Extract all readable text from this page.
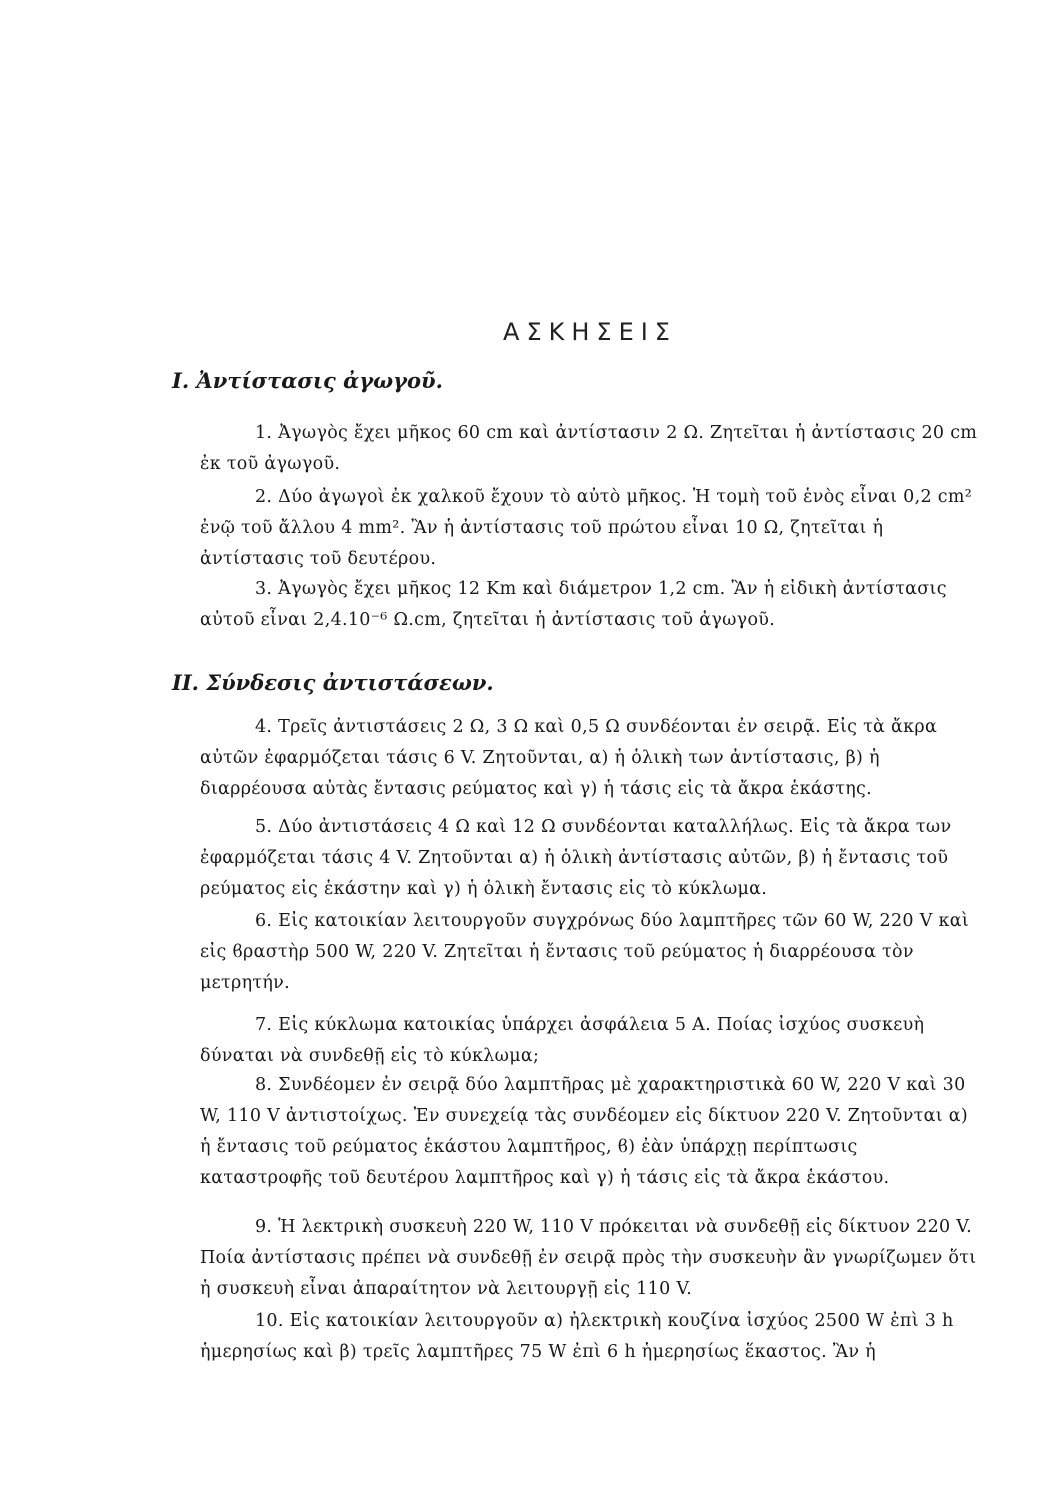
ΑΣΚΗΣΕΙΣ
Ι. Ἀντίστασις ἀγωγοῦ.

1. Ἀγωγὸς ἔχει μῆκος 60 cm καὶ ἀντίστασιν 2 Ω. Ζητεῖται ἡ ἀντίστασις 20 cm ἐκ τοῦ ἀγωγοῦ.

2. Δύο ἀγωγοὶ ἐκ χαλκοῦ ἔχουν τὸ αὐτὸ μῆκος. Ἡ τομὴ τοῦ ἑνὸς εἶναι 0,2 cm² ἐνῷ τοῦ ἄλλου 4 mm². Ἂν ἡ ἀντίστασις τοῦ πρώτου εἶναι 10 Ω, ζητεῖται ἡ ἀντίστασις τοῦ δευτέρου.

3. Ἀγωγὸς ἔχει μῆκος 12 Km καὶ διάμετρον 1,2 cm. Ἂν ἡ εἰδικὴ ἀντίστασις αὐτοῦ εἶναι 2,4.10⁻⁶ Ω.cm, ζητεῖται ἡ ἀντίστασις τοῦ ἀγωγοῦ.

ΙΙ. Σύνδεσις ἀντιστάσεων.

4. Τρεῖς ἀντιστάσεις 2 Ω, 3 Ω καὶ 0,5 Ω συνδέονται ἐν σειρᾷ. Εἰς τὰ ἄκρα αὐτῶν ἐφαρμόζεται τάσις 6 V. Ζητοῦνται, α) ἡ ὁλικὴ των ἀντίστασις, β) ἡ διαρρέουσα αὐτὰς ἔντασις ρεύματος καὶ γ) ἡ τάσις εἰς τὰ ἄκρα ἑκάστης.

5. Δύο ἀντιστάσεις 4 Ω καὶ 12 Ω συνδέονται καταλλήλως. Εἰς τὰ ἄκρα των ἐφαρμόζεται τάσις 4 V. Ζητοῦνται α) ἡ ὁλικὴ ἀντίστασις αὐτῶν, β) ἡ ἔντασις τοῦ ρεύματος εἰς ἑκάστην καὶ γ) ἡ ὁλικὴ ἔντασις εἰς τὸ κύκλωμα.

6. Εἰς κατοικίαν λειτουργοῦν συγχρόνως δύο λαμπτῆρες τῶν 60 W, 220 V καὶ εἰς ϐραστὴρ 500 W, 220 V. Ζητεῖται ἡ ἔντασις τοῦ ρεύματος ἡ διαρρέουσα τὸν μετρητήν.

7. Εἰς κύκλωμα κατοικίας ὑπάρχει ἀσφάλεια 5 Α. Ποίας ἰσχύος συσκευὴ δύναται νὰ συνδεθῇ εἰς τὸ κύκλωμα;

8. Συνδέομεν ἐν σειρᾷ δύο λαμπτῆρας μὲ χαρακτηριστικὰ 60 W, 220 V καὶ 30 W, 110 V ἀντιστοίχως. Ἐν συνεχείᾳ τὰς συνδέομεν εἰς δίκτυον 220 V. Ζητοῦνται α) ἡ ἔντασις τοῦ ρεύματος ἑκάστου λαμπτῆρος, ϐ) ἐὰν ὑπάρχῃ περίπτωσις καταστροφῆς τοῦ δευτέρου λαμπτῆρος καὶ γ) ἡ τάσις εἰς τὰ ἄκρα ἑκάστου.

9. Ἡ λεκτρικὴ συσκευὴ 220 W, 110 V πρόκειται νὰ συνδεθῇ εἰς δίκτυον 220 V. Ποία ἀντίστασις πρέπει νὰ συνδεθῇ ἐν σειρᾷ πρὸς τὴν συσκευὴν ἂν γνωρίζωμεν ὅτι ἡ συσκευὴ εἶναι ἀπαραίτητον νὰ λειτουργῇ εἰς 110 V.

10. Εἰς κατοικίαν λειτουργοῦν α) ἠλεκτρικὴ κουζίνα ἰσχύος 2500 W ἐπὶ 3 h ἡμερησίως καὶ β) τρεῖς λαμπτῆρες 75 W ἐπὶ 6 h ἡμερησίως ἕκαστος. Ἂν ἡ
